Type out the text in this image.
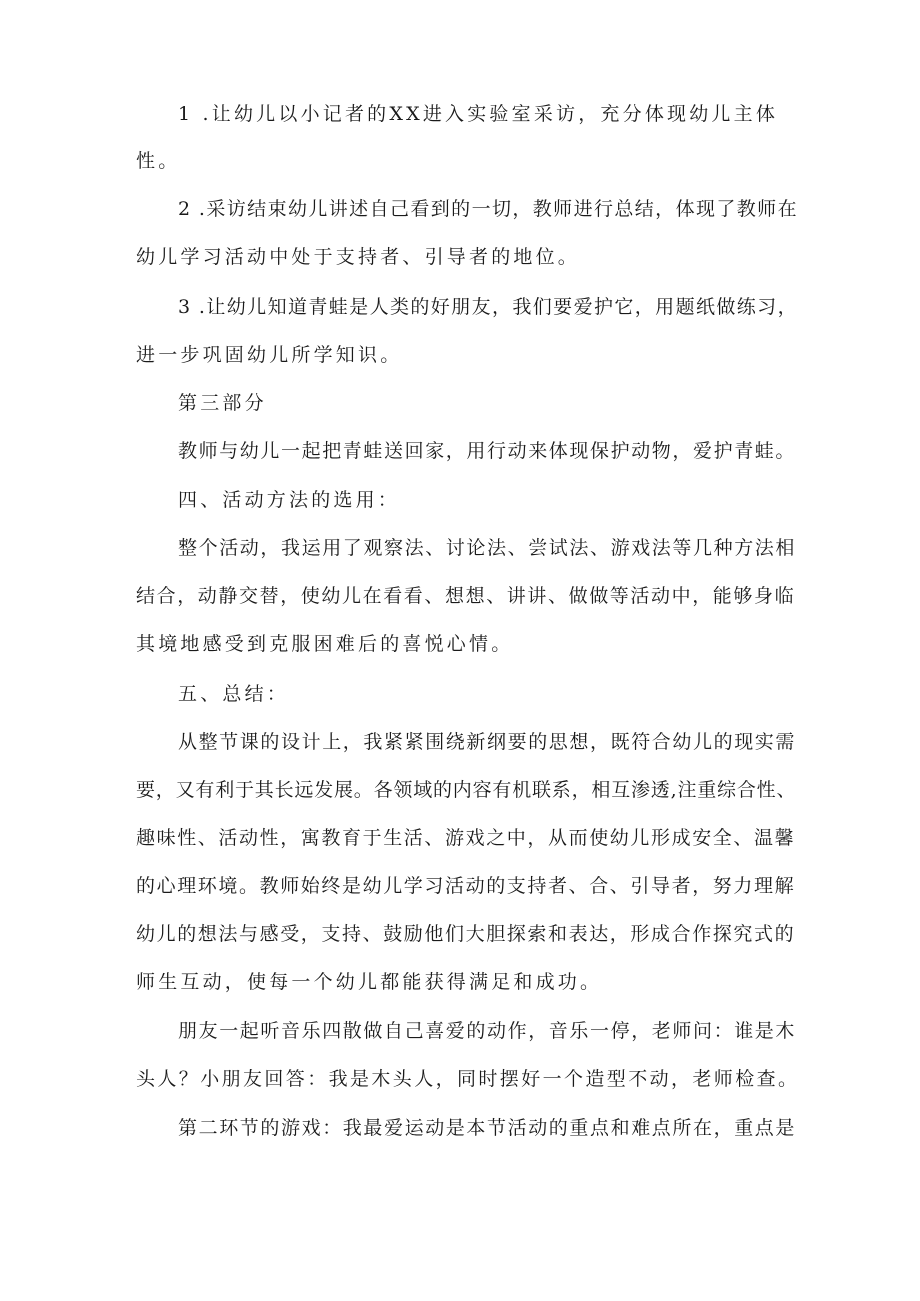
1 .让幼儿以小记者的XX进入实验室采访，充分体现幼儿主体
性。
2 .采访结束幼儿讲述自己看到的一切，教师进行总结，体现了教师在
幼儿学习活动中处于支持者、引导者的地位。
3 .让幼儿知道青蛙是人类的好朋友，我们要爱护它，用题纸做练习，
进一步巩固幼儿所学知识。
第三部分
教师与幼儿一起把青蛙送回家，用行动来体现保护动物，爱护青蛙。
四、活动方法的选用：
整个活动，我运用了观察法、讨论法、尝试法、游戏法等几种方法相
结合，动静交替，使幼儿在看看、想想、讲讲、做做等活动中，能够身临
其境地感受到克服困难后的喜悦心情。
五、总结：
从整节课的设计上，我紧紧围绕新纲要的思想，既符合幼儿的现实需
要，又有利于其长远发展。各领域的内容有机联系，相互渗透,注重综合性、
趣味性、活动性，寓教育于生活、游戏之中，从而使幼儿形成安全、温馨
的心理环境。教师始终是幼儿学习活动的支持者、合、引导者，努力理解
幼儿的想法与感受，支持、鼓励他们大胆探索和表达，形成合作探究式的
师生互动，使每一个幼儿都能获得满足和成功。
朋友一起听音乐四散做自己喜爱的动作，音乐一停，老师问：谁是木
头人？小朋友回答：我是木头人，同时摆好一个造型不动，老师检查。
第二环节的游戏：我最爱运动是本节活动的重点和难点所在，重点是
